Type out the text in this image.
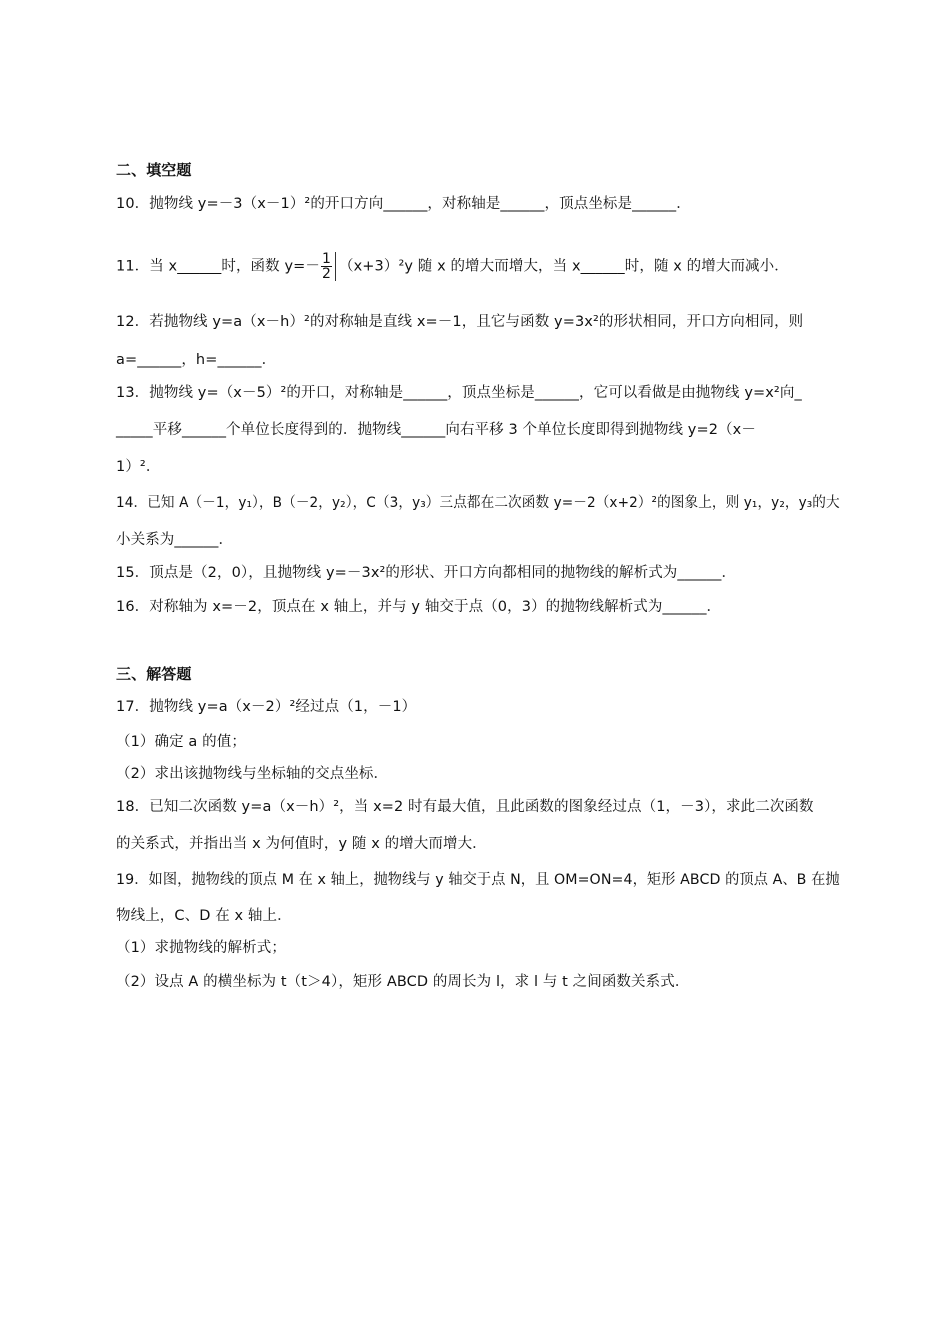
二、填空题
10．抛物线 y=－3（x－1）²的开口方向______，对称轴是______，顶点坐标是______．
11．当 x______时，函数 $y=- \frac{1}{2} (x+3)^2y$ 随 x 的增大而增大，当 x______时，随 x 的增大而减小．
12．若抛物线 y=a（x－h）²的对称轴是直线 x=－1，且它与函数 y=3x²的形状相同，开口方向相同，则
a=______，h=______．
13．抛物线 y=（x－5）²的开口，对称轴是______，顶点坐标是______，它可以看做是由抛物线 y=x²向_
_____平移______个单位长度得到的．抛物线______向右平移 3 个单位长度即得到抛物线 y=2（x－
1）²．
14．已知 A（－1，y₁），B（－2，y₂），C（3，y₃）三点都在二次函数 y=－2（x+2）²的图象上，则 y₁，y₂，y₃的大
小关系为______．
15．顶点是（2，0），且抛物线 y=－3x²的形状、开口方向都相同的抛物线的解析式为______．
16．对称轴为 x=－2，顶点在 x 轴上，并与 y 轴交于点（0，3）的抛物线解析式为______．
三、解答题
17．抛物线 y=a（x－2）²经过点（1，－1）
（1）确定 a 的值；
（2）求出该抛物线与坐标轴的交点坐标．
18．已知二次函数 y=a（x－h）²，当 x=2 时有最大值，且此函数的图象经过点（1，－3），求此二次函数
的关系式，并指出当 x 为何值时，y 随 x 的增大而增大．
19．如图，抛物线的顶点 M 在 x 轴上，抛物线与 y 轴交于点 N，且 OM=ON=4，矩形 ABCD 的顶点 A、B 在抛
物线上，C、D 在 x 轴上．
（1）求抛物线的解析式；
（2）设点 A 的横坐标为 t（t＞4），矩形 ABCD 的周长为 l，求 l 与 t 之间函数关系式．
